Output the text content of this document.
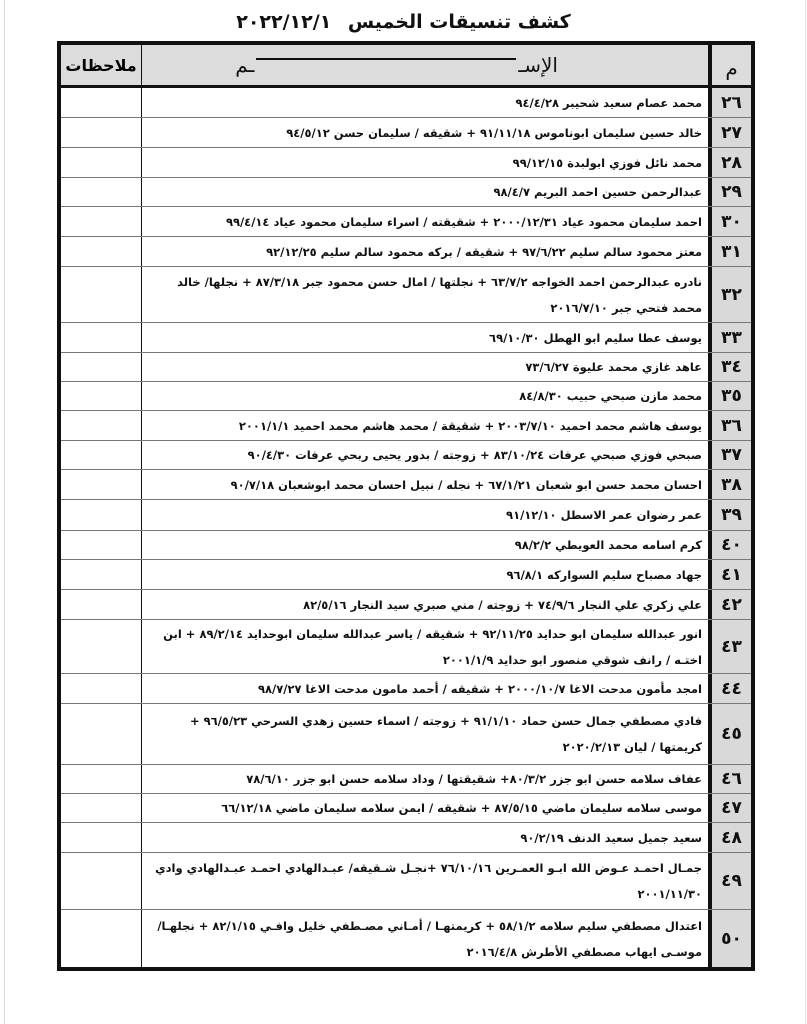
كشف تنسيقات الخميس ٢٠٢٢/١٢/١
م
الإسـ
ـم
ملاحظات
٢٦
محمد عصام سعيد شحيبر ٩٤/٤/٢٨
٢٧
خالد حسين سليمان ابوناموس ٩١/١١/١٨ + شقيقه / سليمان حسن ٩٤/٥/١٢
٢٨
محمد نائل فوزي ابولبدة ٩٩/١٢/١٥
٢٩
عبدالرحمن حسين احمد البريم ٩٨/٤/٧
٣٠
احمد سليمان محمود عياد ٢٠٠٠/١٢/٣١ + شقيقته / اسراء سليمان محمود عياد ٩٩/٤/١٤
٣١
معتز محمود سالم سليم ٩٧/٦/٢٢ + شقيقه / بركه محمود سالم سليم ٩٢/١٢/٢٥
٣٢
نادره عبدالرحمن احمد الخواجه ٦٣/٧/٢ + نجلتها / امال حسن محمود جبر ٨٧/٣/١٨ + نجلها/ خالد محمد فتحي جبر ٢٠١٦/٧/١٠
٣٣
يوسف عطا سليم ابو الهطل ٦٩/١٠/٣٠
٣٤
عاهد غازي محمد عليوة ٧٣/٦/٢٧
٣٥
محمد مازن صبحي حبيب ٨٤/٨/٣٠
٣٦
يوسف هاشم محمد احميد ٢٠٠٣/٧/١٠ + شقيقة / محمد هاشم محمد احميد ٢٠٠١/١/١
٣٧
صبحي فوزي صبحي عرفات ٨٣/١٠/٢٤ + زوجته / بدور يحيى ربحي عرفات ٩٠/٤/٣٠
٣٨
احسان محمد حسن ابو شعبان ٦٧/١/٢١ + نجله / نبيل احسان محمد ابوشعبان ٩٠/٧/١٨
٣٩
عمر رضوان عمر الاسطل ٩١/١٢/١٠
٤٠
كرم اسامه محمد العويطي ٩٨/٢/٢
٤١
جهاد مصباح سليم السواركه ٩٦/٨/١
٤٢
علي زكري علي النجار ٧٤/٩/٦ + زوجته / مني صبري سيد النجار ٨٢/٥/١٦
٤٣
انور عبدالله سليمان ابو حدايد ٩٢/١١/٢٥ + شقيقه / ياسر عبدالله سليمان ابوحدايد ٨٩/٢/١٤ + ابن اختـه / رانف شوقي منصور ابو حدايد ٢٠٠١/١/٩
٤٤
امجد مأمون مدحت الاغا ٢٠٠٠/١٠/٧ + شقيقه / أحمد مامون مدحت الاغا ٩٨/٧/٢٧
٤٥
فادي مصطفي جمال حسن حماد ٩١/١/١٠ + زوجته / اسماء حسين زهدي السرحي ٩٦/٥/٢٣ + كريمتها / ليان ٢٠٢٠/٢/١٣
٤٦
عفاف سلامه حسن ابو جزر ٨٠/٣/٢+ شقيقتها / وداد سلامه حسن ابو جزر ٧٨/٦/١٠
٤٧
موسى سلامه سليمان ماضي ٨٧/٥/١٥ + شقيقه / ايمن سلامه سليمان ماضي ٦٦/١٢/١٨
٤٨
سعيد جميل سعيد الدنف ٩٠/٢/١٩
٤٩
جمـال احمـد عـوض الله ابـو العمـرين ٧٦/١٠/١٦ +نجـل شـقيقه/ عبـدالهادي احمـد عبـدالهادي وادي ٢٠٠١/١١/٣٠
٥٠
اعتدال مصطفي سليم سلامه ٥٨/١/٢ + كريمتهـا / أمـاني مصـطفي خليل وافـي ٨٢/١/١٥ + نجلهـا/ موسـى ايهاب مصطفي الأطرش ٢٠١٦/٤/٨
